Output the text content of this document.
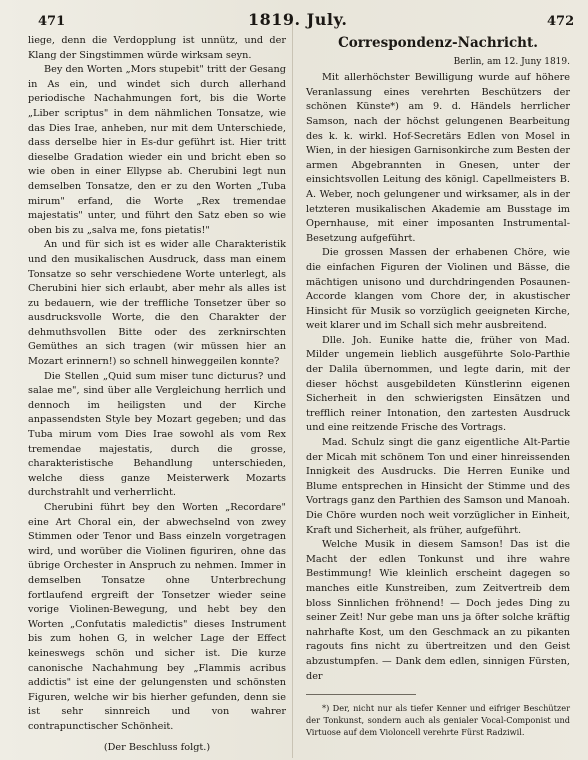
471	1819. July.	472

liege, denn die Verdopplung ist unnütz, und der Klang der Singstimmen würde wirksam seyn.

Bey den Worten „Mors stupebit" tritt der Gesang in As ein, und windet sich durch allerhand periodische Nachahmungen fort, bis die Worte „Liber scriptus" in dem nähmlichen Tonsatze, wie das Dies Irae, anheben, nur mit dem Unterschiede, dass derselbe hier in Es-dur geführt ist. Hier tritt dieselbe Gradation wieder ein und bricht eben so wie oben in einer Ellypse ab. Cherubini legt nun demselben Tonsatze, den er zu den Worten „Tuba mirum" erfand, die Worte „Rex tremendae majestatis" unter, und führt den Satz eben so wie oben bis zu „salva me, fons pietatis!"

An und für sich ist es wider alle Charakteristik und den musikalischen Ausdruck, dass man einem Tonsatze so sehr verschiedene Worte unterlegt, als Cherubini hier sich erlaubt, aber mehr als alles ist zu bedauern, wie der treffliche Tonsetzer über so ausdrucksvolle Worte, die den Charakter der dehmuthsvollen Bitte oder des zerknirschten Gemüthes an sich tragen (wir müssen hier an Mozart erinnern!) so schnell hinweggeilen konnte?

Die Stellen „Quid sum miser tunc dicturus? und salae me", sind über alle Vergleichung herrlich und dennoch im heiligsten und der Kirche anpassendsten Style bey Mozart gegeben; und das Tuba mirum vom Dies Irae sowohl als vom Rex tremendae majestatis, durch die grosse, charakteristische Behandlung unterschieden, welche diess ganze Meisterwerk Mozarts durchstrahlt und verherrlicht.

Cherubini führt bey den Worten „Recordare" eine Art Choral ein, der abwechselnd von zwey Stimmen oder Tenor und Bass einzeln vorgetragen wird, und worüber die Violinen figuriren, ohne das übrige Orchester in Anspruch zu nehmen. Immer in demselben Tonsatze ohne Unterbrechung fortlaufend ergreift der Tonsetzer wieder seine vorige Violinen-Bewegung, und hebt bey den Worten „Confutatis maledictis" dieses Instrument bis zum hohen G, in welcher Lage der Effect keineswegs schön und sicher ist. Die kurze canonische Nachahmung bey „Flammis acribus addictis" ist eine der gelungensten und schönsten Figuren, welche wir bis hierher gefunden, denn sie ist sehr sinnreich und von wahrer contrapunctischer Schönheit.

(Der Beschluss folgt.)

Correspondenz-Nachricht.
Berlin, am 12. Juny 1819.

Mit allerhöchster Bewilligung wurde auf höhere Veranlassung eines verehrten Beschützers der schönen Künste*) am 9. d. Händels herrlicher Samson, nach der höchst gelungenen Bearbeitung des k. k. wirkl. Hof-Secretärs Edlen von Mosel in Wien, in der hiesigen Garnisonkirche zum Besten der armen Abgebrannten in Gnesen, unter der einsichtsvollen Leitung des königl. Capellmeisters B. A. Weber, noch gelungener und wirksamer, als in der letzteren musikalischen Akademie am Busstage im Opernhause, mit einer imposanten Instrumental-Besetzung aufgeführt.

Die grossen Massen der erhabenen Chöre, wie die einfachen Figuren der Violinen und Bässe, die mächtigen unisono und durchdringenden Posaunen-Accorde klangen vom Chore der, in akustischer Hinsicht für Musik so vorzüglich geeigneten Kirche, weit klarer und im Schall sich mehr ausbreitend.

Dlle. Joh. Eunike hatte die, früher von Mad. Milder ungemein lieblich ausgeführte Solo-Parthie der Dalila übernommen, und legte darin, mit der dieser höchst ausgebildeten Künstlerinn eigenen Sicherheit in den schwierigsten Einsätzen und trefflich reiner Intonation, den zartesten Ausdruck und eine reitzende Frische des Vortrags.

Mad. Schulz singt die ganz eigentliche Alt-Partie der Micah mit schönem Ton und einer hinreissenden Innigkeit des Ausdrucks. Die Herren Eunike und Blume entsprechen in Hinsicht der Stimme und des Vortrags ganz den Parthien des Samson und Manoah. Die Chöre wurden noch weit vorzüglicher in Einheit, Kraft und Sicherheit, als früher, aufgeführt.

Welche Musik in diesem Samson! Das ist die Macht der edlen Tonkunst und ihre wahre Bestimmung! Wie kleinlich erscheint dagegen so manches eitle Kunstreiben, zum Zeitvertreib dem bloss Sinnlichen fröhnend! — Doch jedes Ding zu seiner Zeit! Nur gebe man uns ja öfter solche kräftig nahrhafte Kost, um den Geschmack an zu pikanten ragouts fins nicht zu übertreitzen und den Geist abzustumpfen. — Dank dem edlen, sinnigen Fürsten, der

*) Der, nicht nur als tiefer Kenner und eifriger Beschützer der Tonkunst, sondern auch als genialer Vocal-Componist und Virtuose auf dem Violoncell verehrte Fürst Radziwil.
